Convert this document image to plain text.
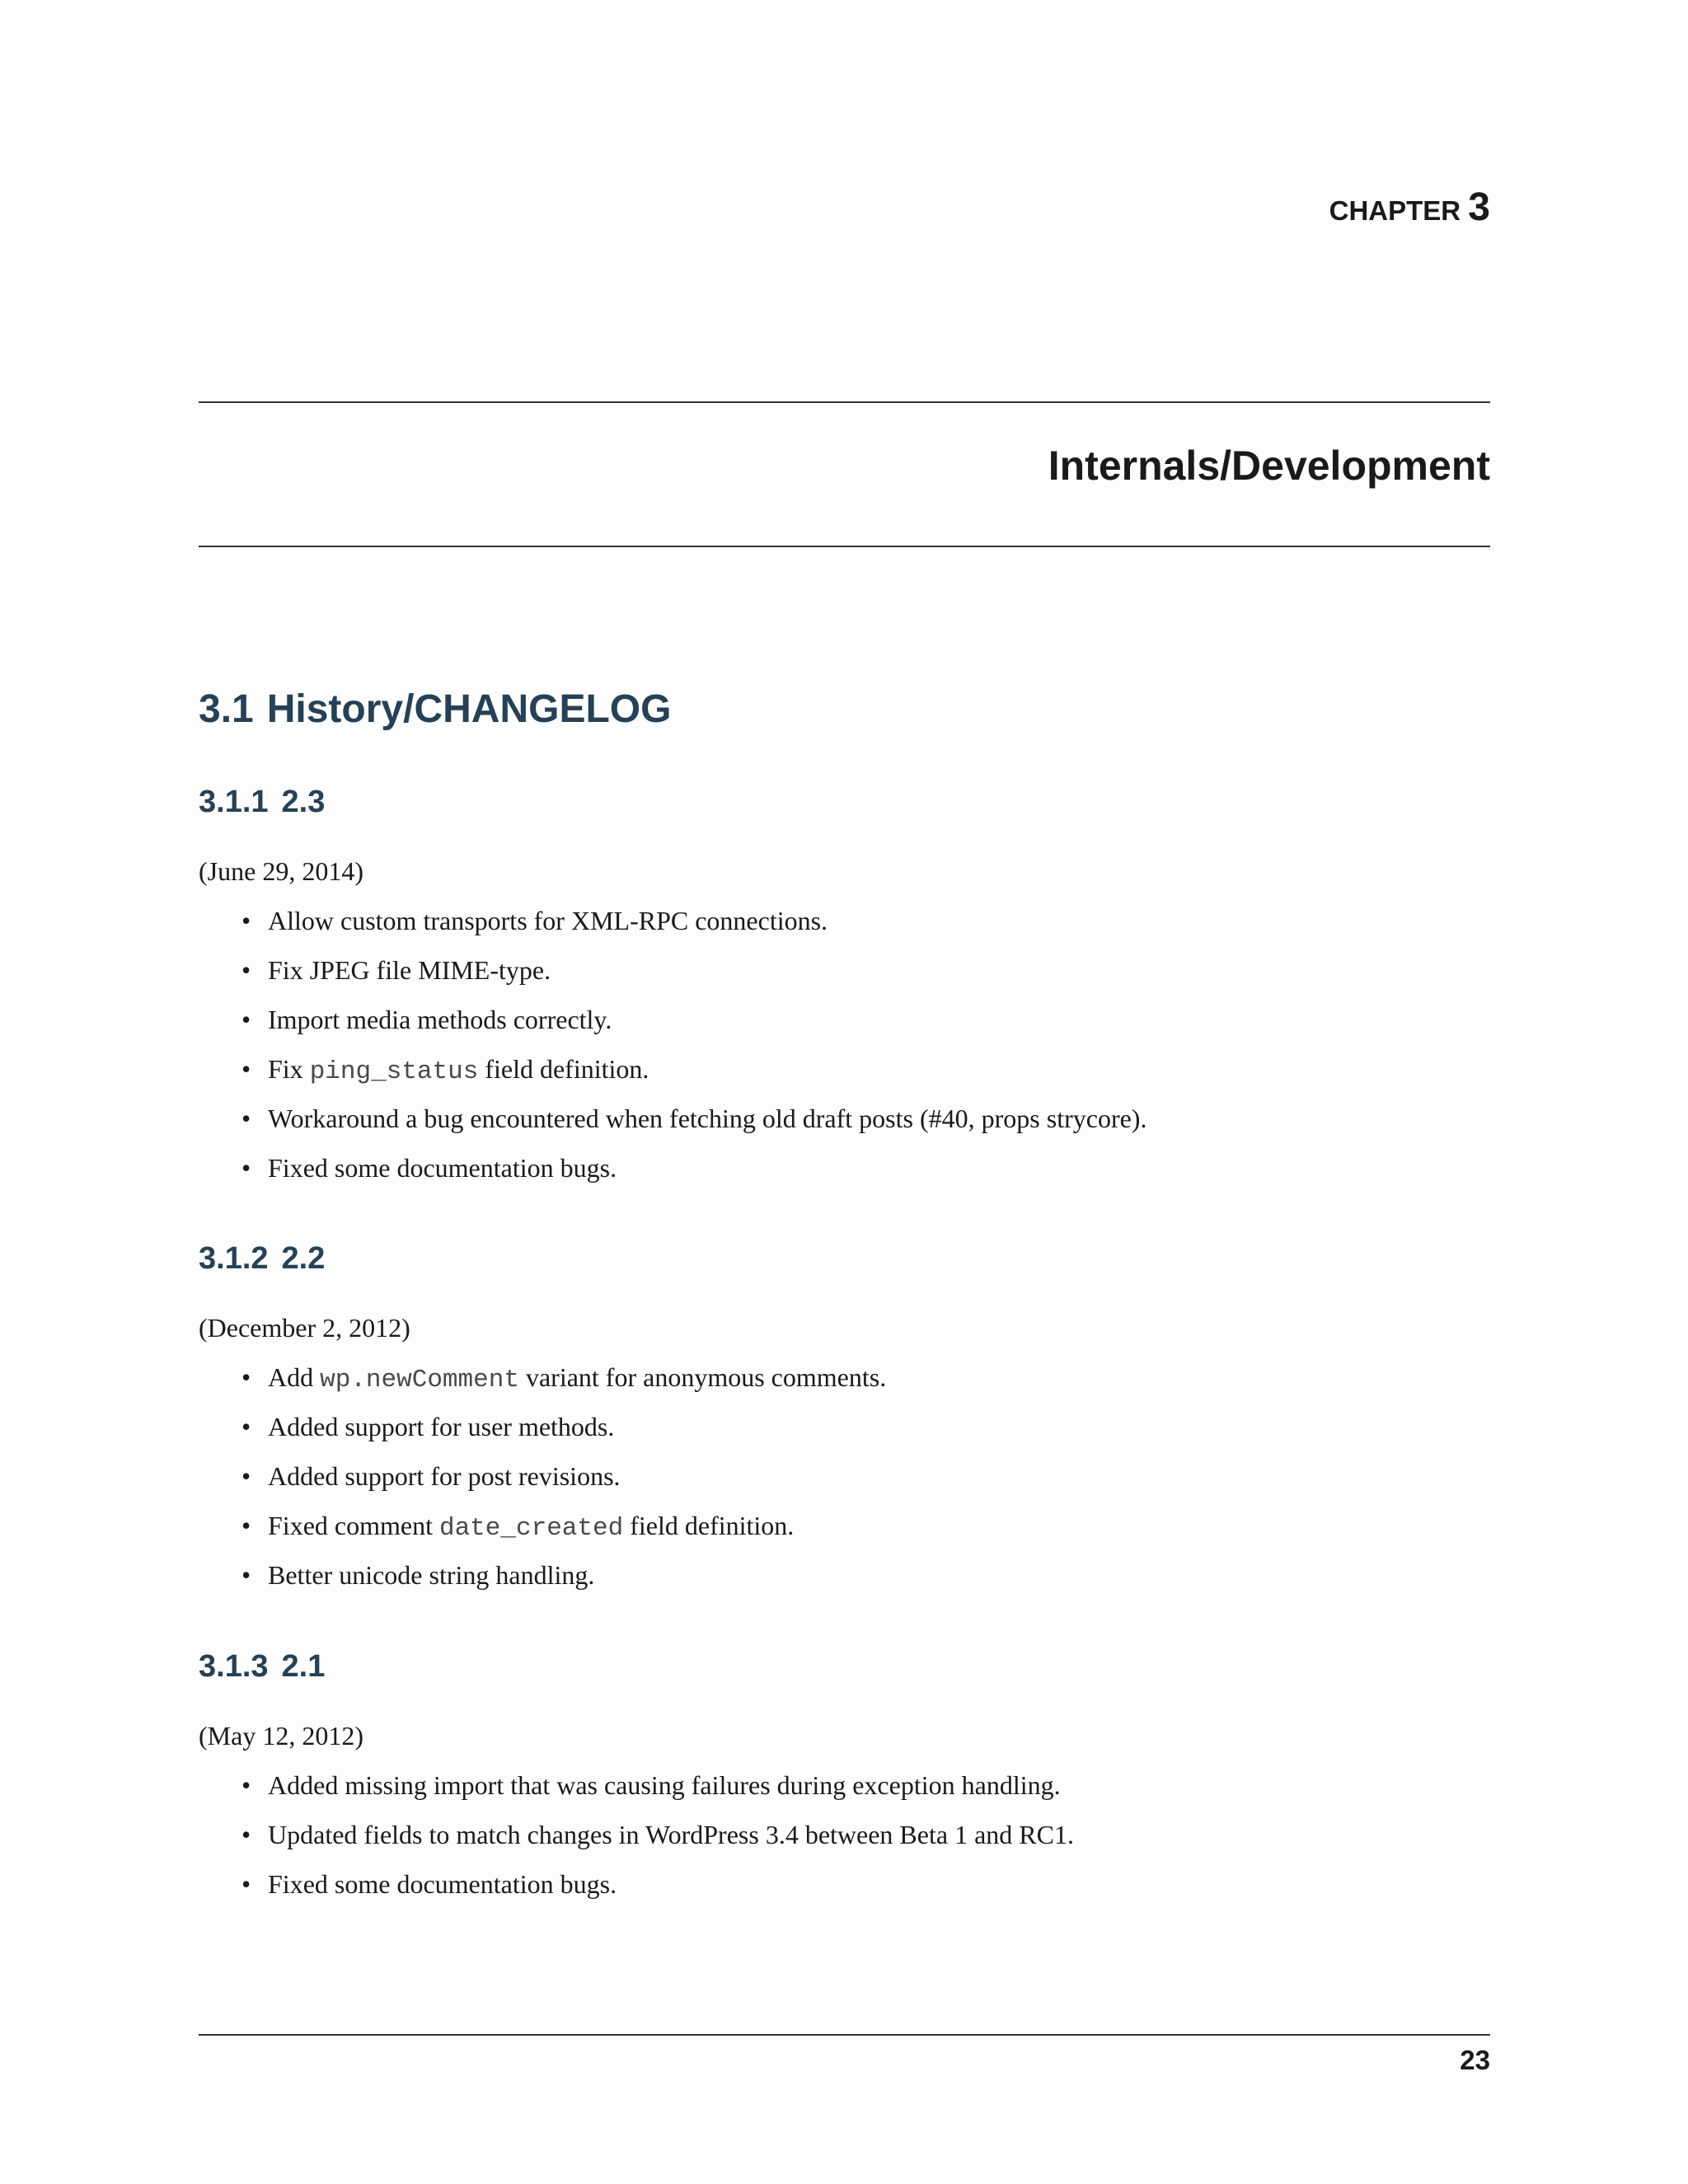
CHAPTER 3
Internals/Development
3.1 History/CHANGELOG
3.1.1 2.3
(June 29, 2014)
• Allow custom transports for XML-RPC connections.
• Fix JPEG file MIME-type.
• Import media methods correctly.
• Fix ping_status field definition.
• Workaround a bug encountered when fetching old draft posts (#40, props strycore).
• Fixed some documentation bugs.
3.1.2 2.2
(December 2, 2012)
• Add wp.newComment variant for anonymous comments.
• Added support for user methods.
• Added support for post revisions.
• Fixed comment date_created field definition.
• Better unicode string handling.
3.1.3 2.1
(May 12, 2012)
• Added missing import that was causing failures during exception handling.
• Updated fields to match changes in WordPress 3.4 between Beta 1 and RC1.
• Fixed some documentation bugs.
23
